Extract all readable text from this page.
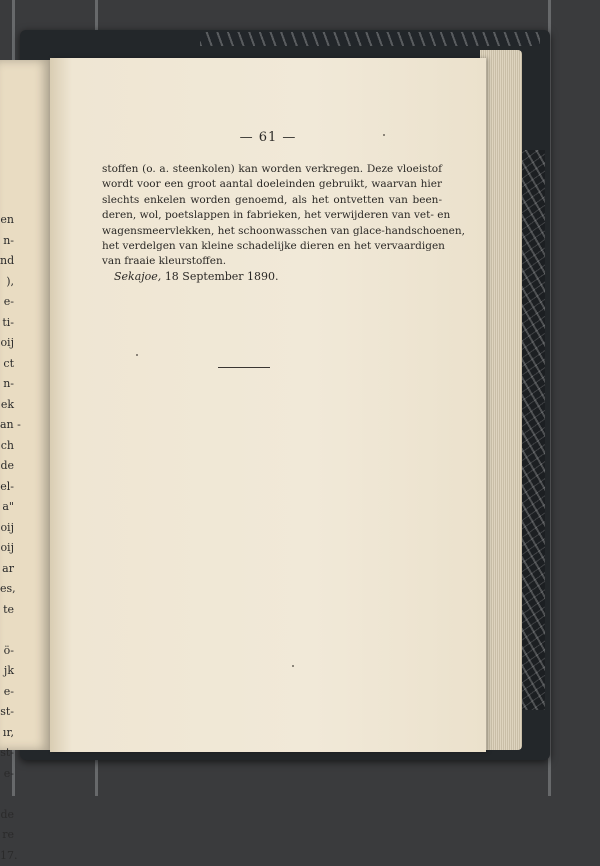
en
n-
nd
),
e-
ti-
oij
ct
n-
ek
an -
ch
de
el-
a"
oij
oij
ar
es,
te

ö-
jk
e-
st-
ır,
st-
e-

de
re
17.
— 61 —
stoffen (o. a. steenkolen) kan worden verkregen. Deze vloeistof
wordt voor een groot aantal doeleinden gebruikt, waarvan hier
slechts enkelen worden genoemd, als het ontvetten van been-
deren, wol, poetslappen in fabrieken, het verwijderen van vet- en
wagensmeervlekken, het schoonwasschen van glace-handschoenen,
het verdelgen van kleine schadelijke dieren en het vervaardigen
van fraaie kleurstoffen.
Sekajoe, 18 September 1890.
